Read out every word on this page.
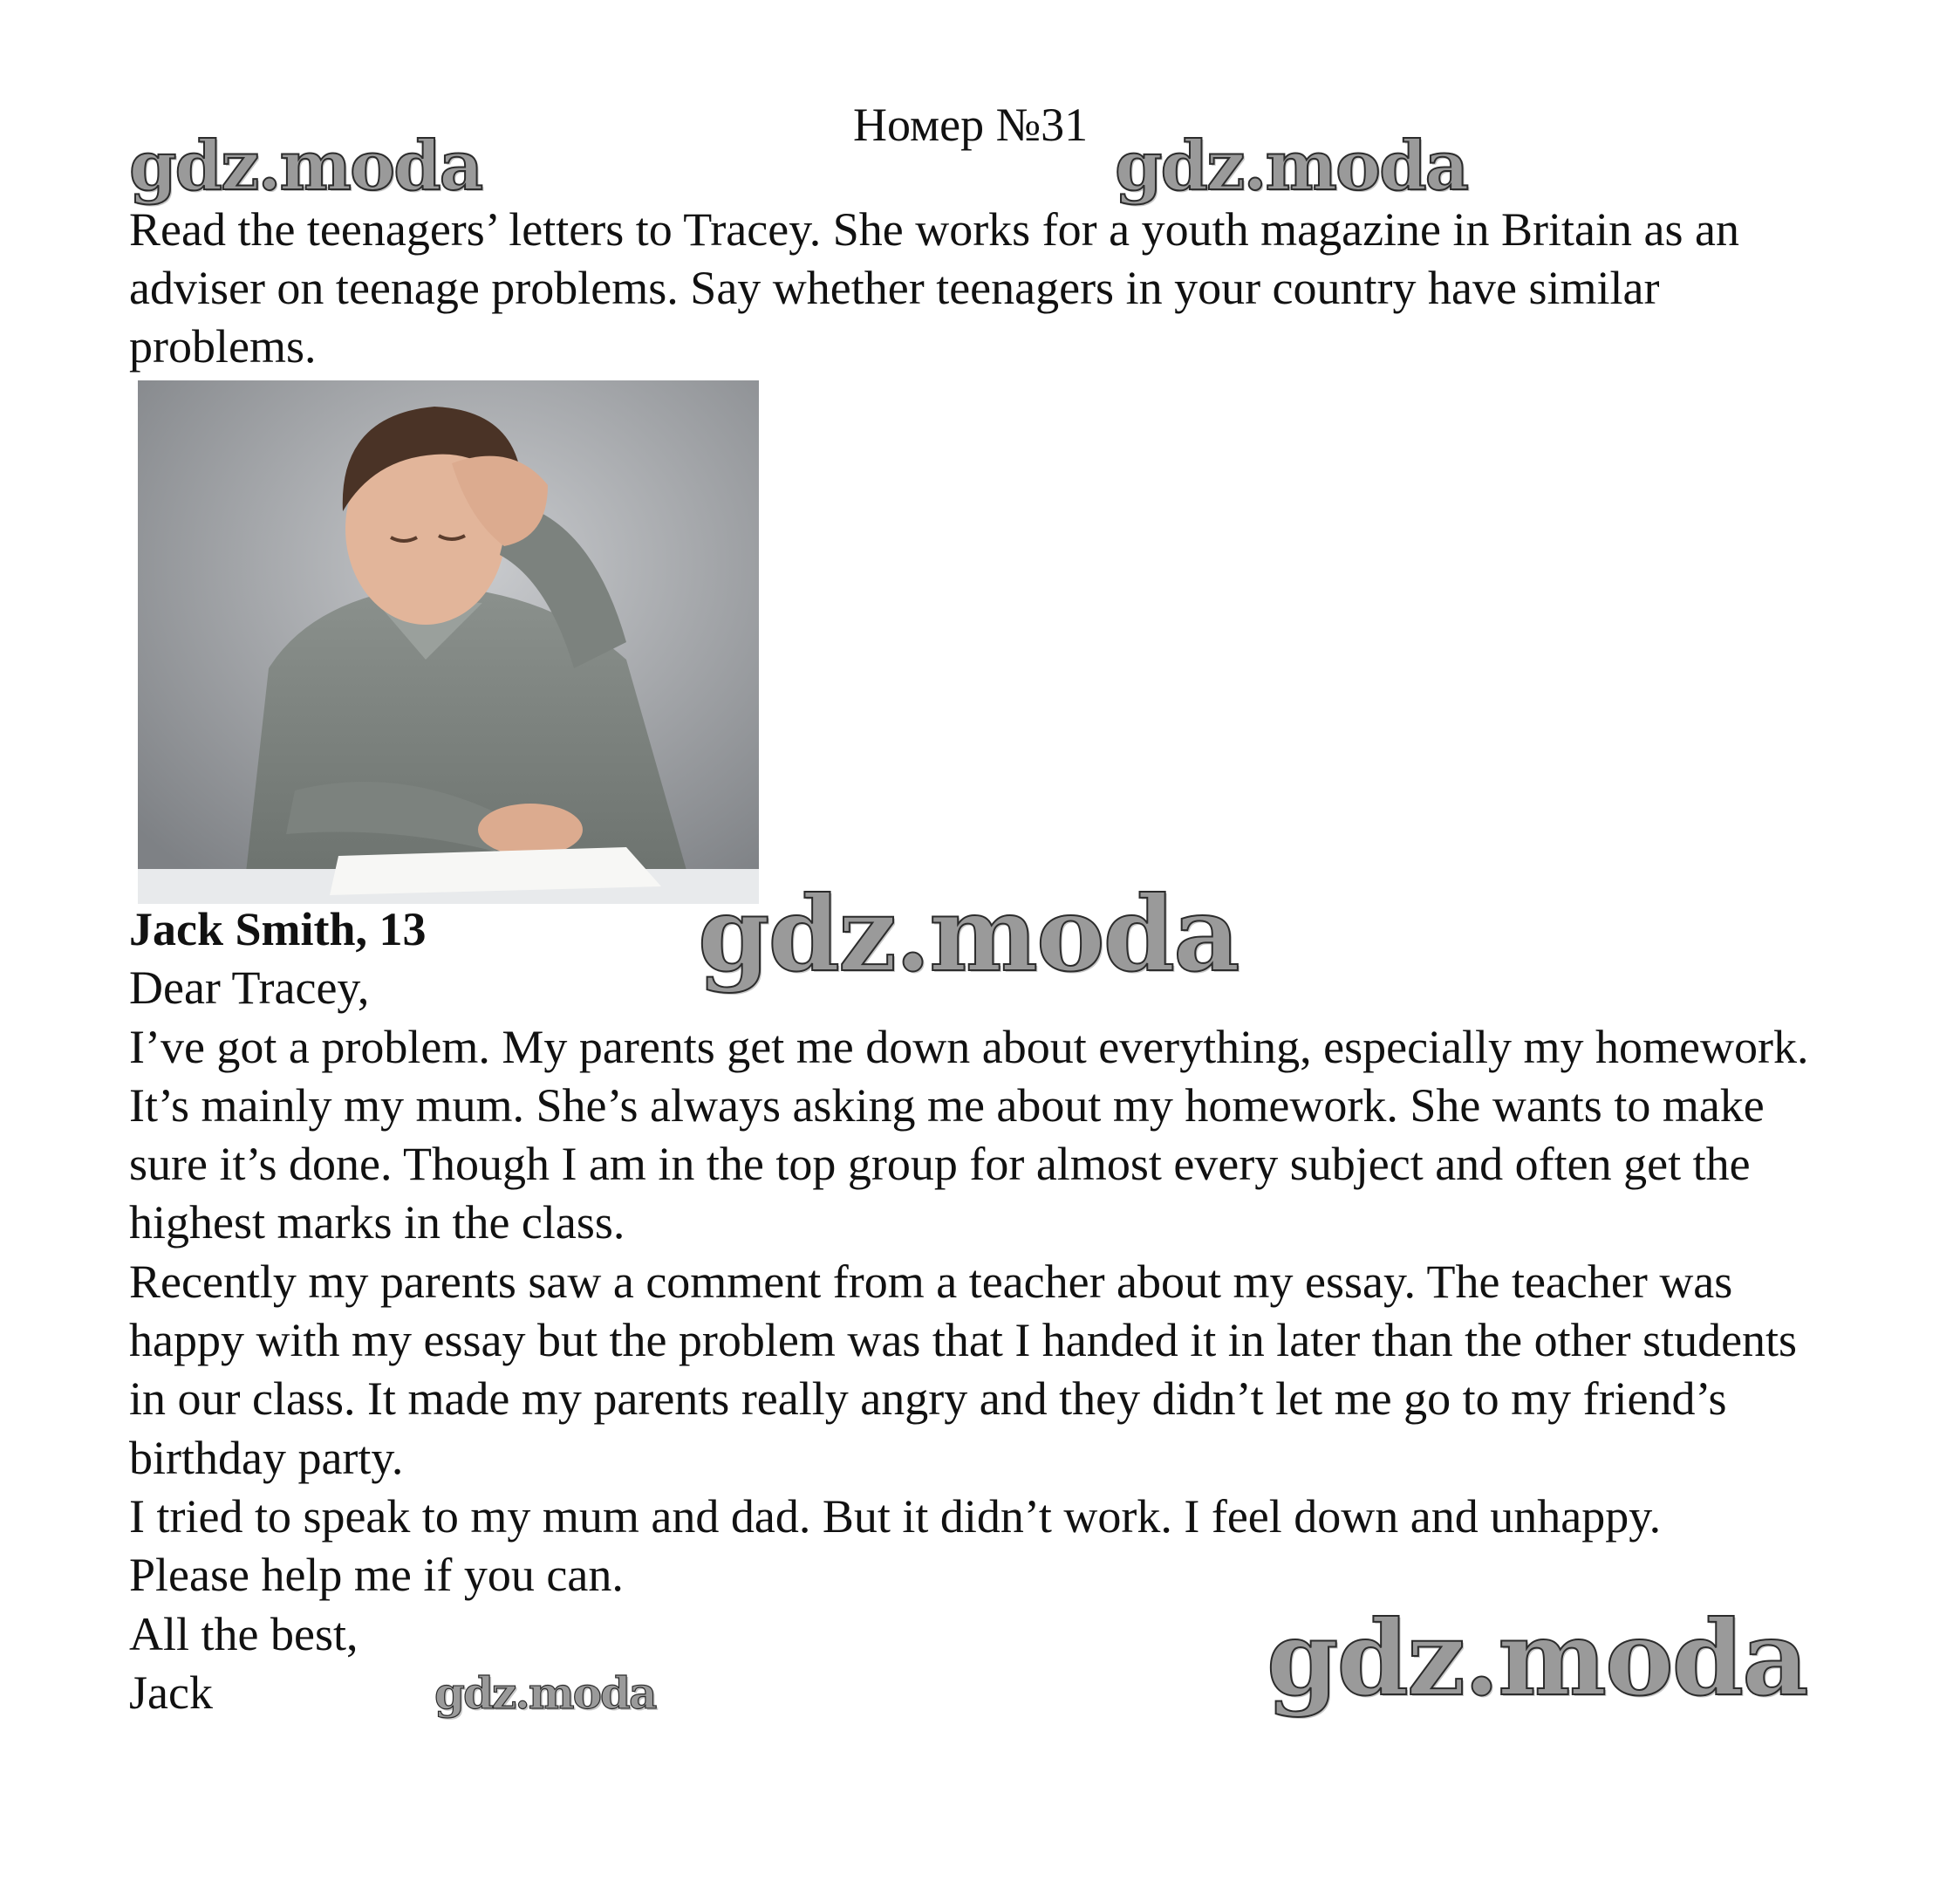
Номер №31

Read the teenagers’ letters to Tracey. She works for a youth magazine in Britain as an adviser on teenage problems. Say whether teenagers in your country have similar problems.

Jack Smith, 13

Dear Tracey,

I’ve got a problem. My parents get me down about everything, especially my homework. It’s mainly my mum. She’s always asking me about my homework. She wants to make sure it’s done. Though I am in the top group for almost every subject and often get the highest marks in the class.

Recently my parents saw a comment from a teacher about my essay. The teacher was happy with my essay but the problem was that I handed it in later than the other students in our class. It made my parents really angry and they didn’t let me go to my friend’s birthday party.

I tried to speak to my mum and dad. But it didn’t work. I feel down and unhappy.

Please help me if you can.

All the best,

Jack

gdz.moda	gdz.moda
gdz.moda
gdz.moda
gdz.moda
